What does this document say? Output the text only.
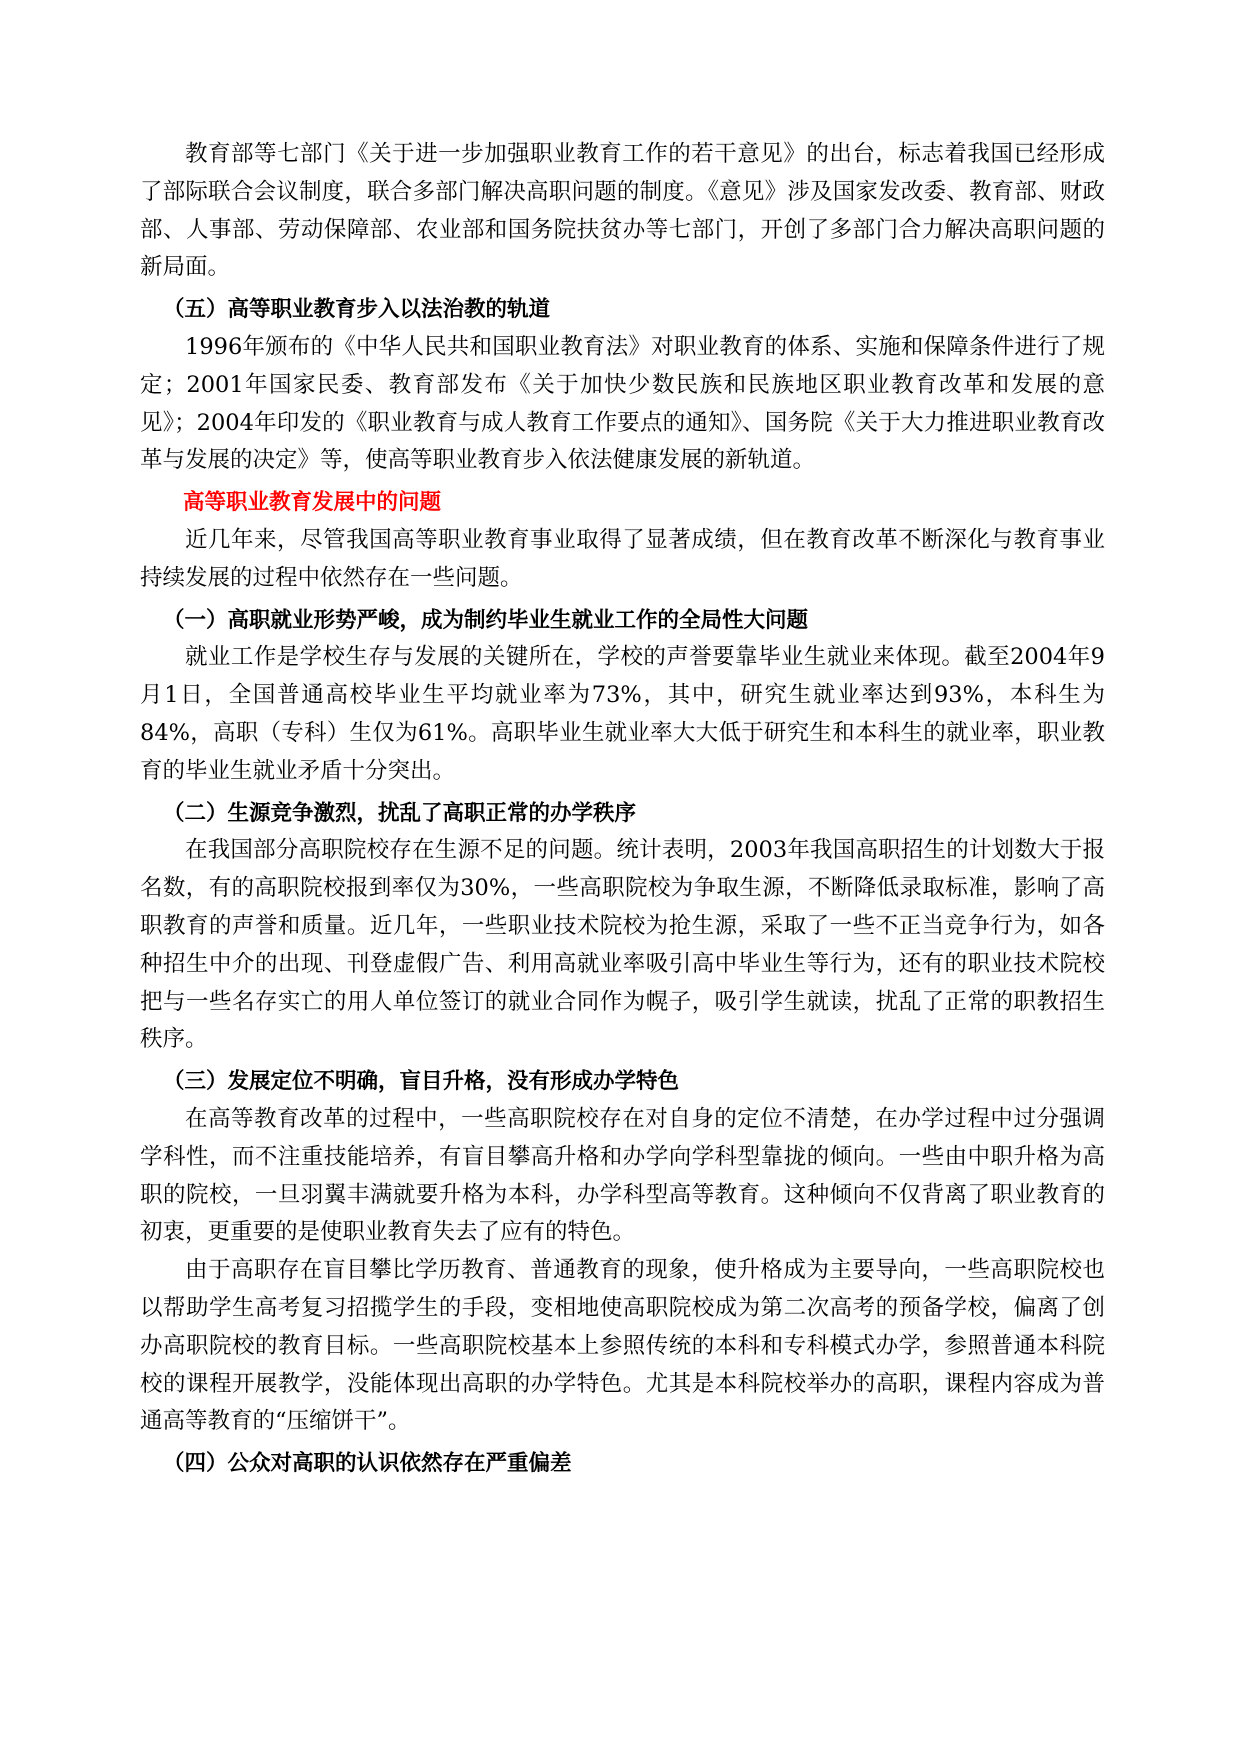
教育部等七部门《关于进一步加强职业教育工作的若干意见》的出台，标志着我国已经形成了部际联合会议制度，联合多部门解决高职问题的制度。《意见》涉及国家发改委、教育部、财政部、人事部、劳动保障部、农业部和国务院扶贫办等七部门，开创了多部门合力解决高职问题的新局面。

（五）高等职业教育步入以法治教的轨道

1996年颁布的《中华人民共和国职业教育法》对职业教育的体系、实施和保障条件进行了规定；2001年国家民委、教育部发布《关于加快少数民族和民族地区职业教育改革和发展的意见》；2004年印发的《职业教育与成人教育工作要点的通知》、国务院《关于大力推进职业教育改革与发展的决定》等，使高等职业教育步入依法健康发展的新轨道。

高等职业教育发展中的问题

近几年来，尽管我国高等职业教育事业取得了显著成绩，但在教育改革不断深化与教育事业持续发展的过程中依然存在一些问题。

（一）高职就业形势严峻，成为制约毕业生就业工作的全局性大问题

就业工作是学校生存与发展的关键所在，学校的声誉要靠毕业生就业来体现。截至2004年9月1日，全国普通高校毕业生平均就业率为73%，其中，研究生就业率达到93%，本科生为84%，高职（专科）生仅为61%。高职毕业生就业率大大低于研究生和本科生的就业率，职业教育的毕业生就业矛盾十分突出。

（二）生源竞争激烈，扰乱了高职正常的办学秩序

在我国部分高职院校存在生源不足的问题。统计表明，2003年我国高职招生的计划数大于报名数，有的高职院校报到率仅为30%，一些高职院校为争取生源，不断降低录取标准，影响了高职教育的声誉和质量。近几年，一些职业技术院校为抢生源，采取了一些不正当竞争行为，如各种招生中介的出现、刊登虚假广告、利用高就业率吸引高中毕业生等行为，还有的职业技术院校把与一些名存实亡的用人单位签订的就业合同作为幌子，吸引学生就读，扰乱了正常的职教招生秩序。

（三）发展定位不明确，盲目升格，没有形成办学特色

在高等教育改革的过程中，一些高职院校存在对自身的定位不清楚，在办学过程中过分强调学科性，而不注重技能培养，有盲目攀高升格和办学向学科型靠拢的倾向。一些由中职升格为高职的院校，一旦羽翼丰满就要升格为本科，办学科型高等教育。这种倾向不仅背离了职业教育的初衷，更重要的是使职业教育失去了应有的特色。

由于高职存在盲目攀比学历教育、普通教育的现象，使升格成为主要导向，一些高职院校也以帮助学生高考复习招揽学生的手段，变相地使高职院校成为第二次高考的预备学校，偏离了创办高职院校的教育目标。一些高职院校基本上参照传统的本科和专科模式办学，参照普通本科院校的课程开展教学，没能体现出高职的办学特色。尤其是本科院校举办的高职，课程内容成为普通高等教育的“压缩饼干”。

（四）公众对高职的认识依然存在严重偏差
